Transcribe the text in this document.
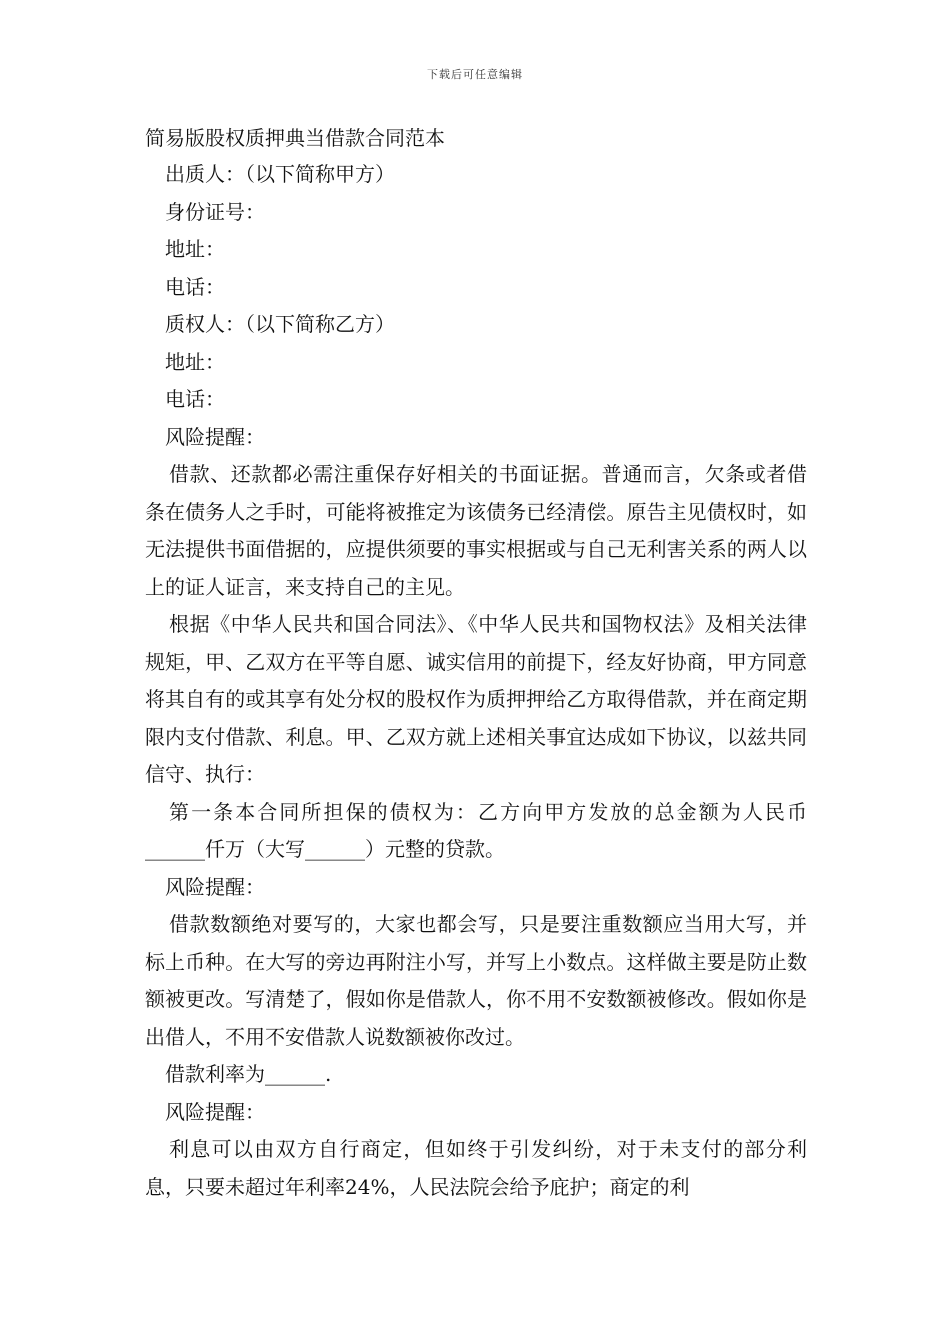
下载后可任意编辑
简易版股权质押典当借款合同范本

出质人：（以下简称甲方）

身份证号：

地址：

电话：

质权人：（以下简称乙方）

地址：

电话：

风险提醒：

借款、还款都必需注重保存好相关的书面证据。普通而言，欠条或者借条在债务人之手时，可能将被推定为该债务已经清偿。原告主见债权时，如无法提供书面借据的，应提供须要的事实根据或与自己无利害关系的两人以上的证人证言，来支持自己的主见。

根据《中华人民共和国合同法》、《中华人民共和国物权法》及相关法律规矩，甲、乙双方在平等自愿、诚实信用的前提下，经友好协商，甲方同意将其自有的或其享有处分权的股权作为质押押给乙方取得借款，并在商定期限内支付借款、利息。甲、乙双方就上述相关事宜达成如下协议，以兹共同信守、执行：

第一条本合同所担保的债权为：乙方向甲方发放的总金额为人民币______仟万（大写______）元整的贷款。

风险提醒：

借款数额绝对要写的，大家也都会写，只是要注重数额应当用大写，并标上币种。在大写的旁边再附注小写，并写上小数点。这样做主要是防止数额被更改。写清楚了，假如你是借款人，你不用不安数额被修改。假如你是出借人，不用不安借款人说数额被你改过。

借款利率为______.

风险提醒：

利息可以由双方自行商定，但如终于引发纠纷，对于未支付的部分利息，只要未超过年利率24%，人民法院会给予庇护；商定的利
